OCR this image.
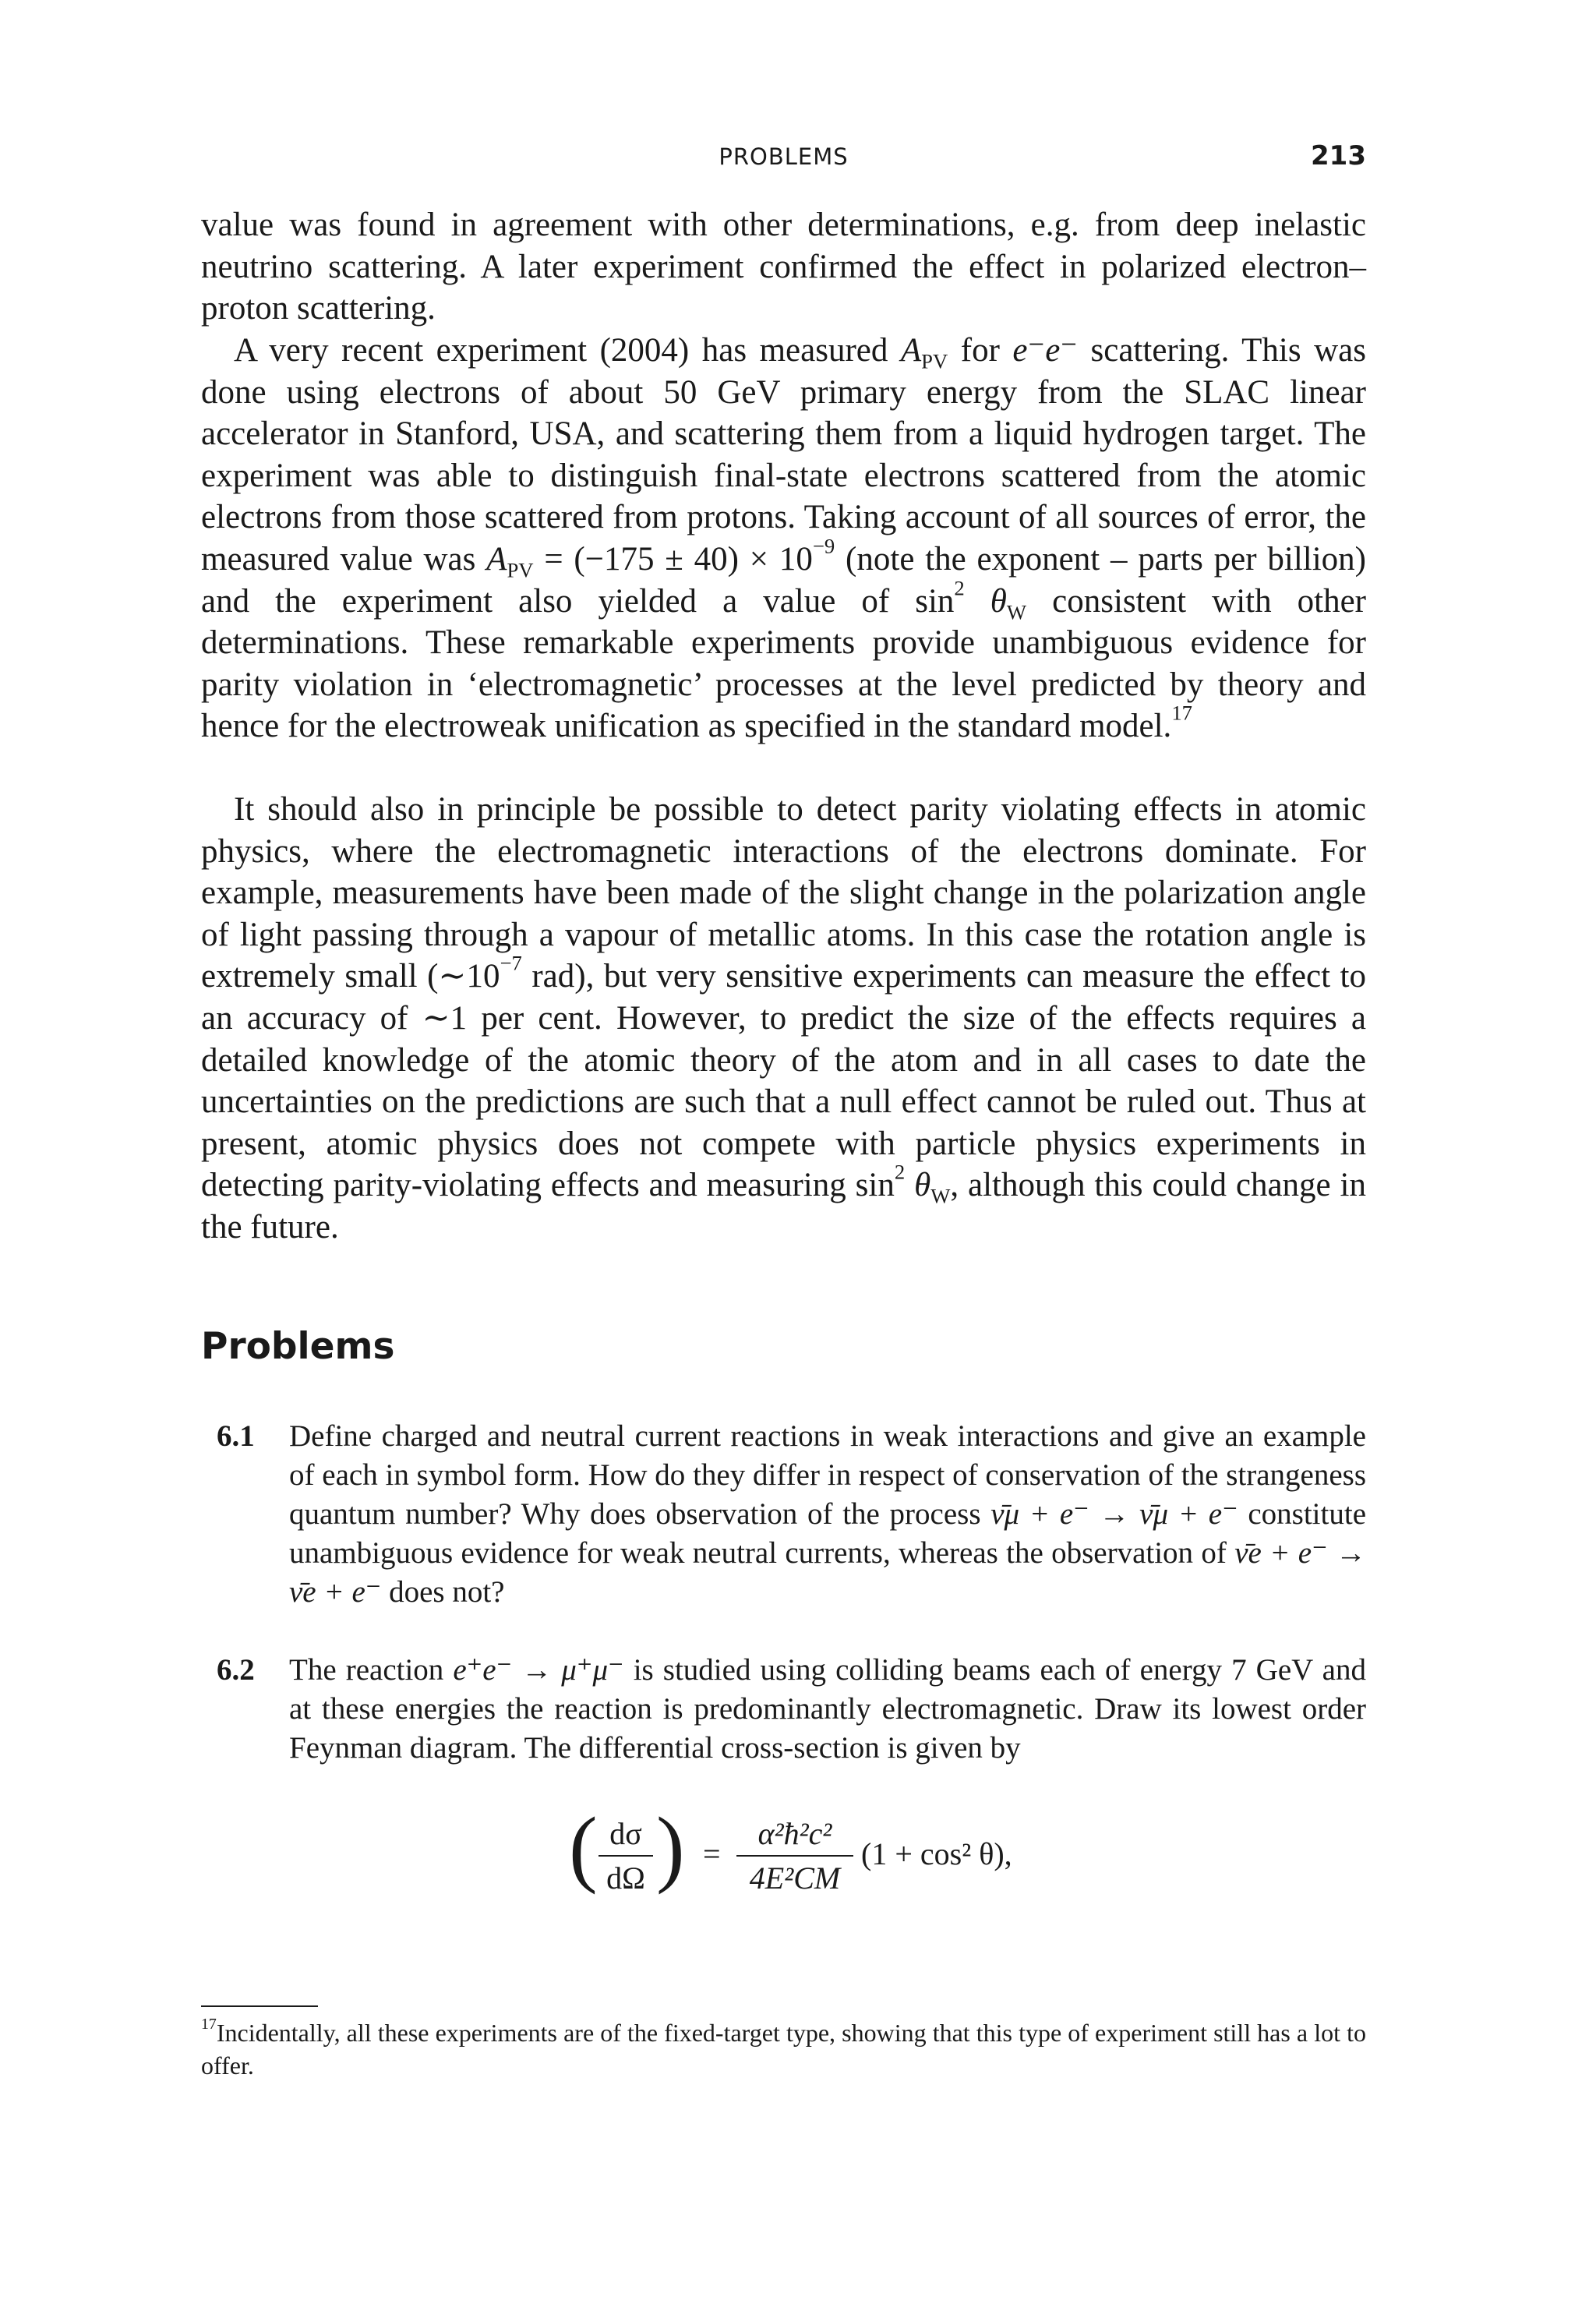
PROBLEMS	213

value was found in agreement with other determinations, e.g. from deep inelastic neutrino scattering. A later experiment confirmed the effect in polarized electron–proton scattering.

A very recent experiment (2004) has measured $A_{PV}$ for e⁻e⁻ scattering. This was done using electrons of about 50 GeV primary energy from the SLAC linear accelerator in Stanford, USA, and scattering them from a liquid hydrogen target. The experiment was able to distinguish final-state electrons scattered from the atomic electrons from those scattered from protons. Taking account of all sources of error, the measured value was $A_{PV} = (-175 \pm 40) \times 10^{-9}$ (note the exponent – parts per billion) and the experiment also yielded a value of $\sin^2 \theta_W$ consistent with other determinations. These remarkable experiments provide unambiguous evidence for parity violation in ‘electromagnetic’ processes at the level predicted by theory and hence for the electroweak unification as specified in the standard model.$^{17}$

It should also in principle be possible to detect parity violating effects in atomic physics, where the electromagnetic interactions of the electrons dominate. For example, measurements have been made of the slight change in the polarization angle of light passing through a vapour of metallic atoms. In this case the rotation angle is extremely small ($\sim 10^{-7}$ rad), but very sensitive experiments can measure the effect to an accuracy of ∼1 per cent. However, to predict the size of the effects requires a detailed knowledge of the atomic theory of the atom and in all cases to date the uncertainties on the predictions are such that a null effect cannot be ruled out. Thus at present, atomic physics does not compete with particle physics experiments in detecting parity-violating effects and measuring $\sin^2 \theta_W$, although this could change in the future.

Problems
6.1 Define charged and neutral current reactions in weak interactions and give an example of each in symbol form. How do they differ in respect of conservation of the strangeness quantum number? Why does observation of the process ν̄μ + e⁻ → ν̄μ + e⁻ constitute unambiguous evidence for weak neutral currents, whereas the observation of ν̄e + e⁻ → ν̄e + e⁻ does not?
6.2 The reaction e⁺e⁻ → μ⁺μ⁻ is studied using colliding beams each of energy 7 GeV and at these energies the reaction is predominantly electromagnetic. Draw its lowest order Feynman diagram. The differential cross-section is given by
( dσ
dΩ ) =
α²ħ²c²
4E²CM
(1 + cos² θ),

$^{17}$Incidentally, all these experiments are of the fixed-target type, showing that this type of experiment still has a lot to offer.
